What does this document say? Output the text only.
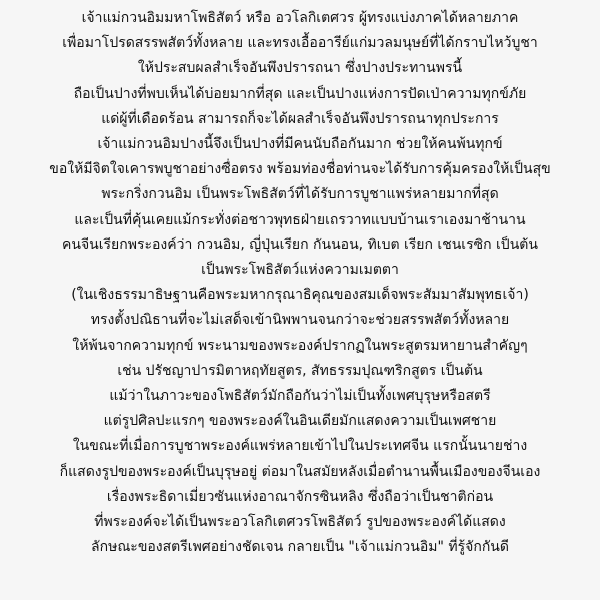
เจ้าแม่กวนอิมมหาโพธิสัตว์ หรือ อวโลกิเตศวร ผู้ทรงแบ่งภาคได้หลายภาค

เพื่อมาโปรดสรรพสัตว์ทั้งหลาย และทรงเอื้ออารีย์แก่มวลมนุษย์ที่ได้กราบไหว้บูชา

ให้ประสบผลสำเร็จอันพึงปรารถนา ซึ่งปางประทานพรนี้

ถือเป็นปางที่พบเห็นได้บ่อยมากที่สุด และเป็นปางแห่งการปัดเป่าความทุกข์ภัย

แด่ผู้ที่เดือดร้อน สามารถก็จะได้ผลสำเร็จอันพึงปรารถนาทุกประการ

เจ้าแม่กวนอิมปางนี้จึงเป็นปางที่มีคนนับถือกันมาก ช่วยให้คนพ้นทุกข์

ขอให้มีจิตใจเคารพบูชาอย่างซื่อตรง พร้อมท่องชื่อท่านจะได้รับการคุ้มครองให้เป็นสุข

พระกริ่งกวนอิม เป็นพระโพธิสัตว์ที่ได้รับการบูชาแพร่หลายมากที่สุด

และเป็นที่คุ้นเคยแม้กระทั่งต่อชาวพุทธฝ่ายเถรวาทแบบบ้านเราเองมาช้านาน

คนจีนเรียกพระองค์ว่า กวนอิม, ญี่ปุ่นเรียก กันนอน, ทิเบต เรียก เชนเรซิก เป็นต้น

เป็นพระโพธิสัตว์แห่งความเมตตา

(ในเชิงธรรมาธิษฐานคือพระมหากรุณาธิคุณของสมเด็จพระสัมมาสัมพุทธเจ้า)

ทรงตั้งปณิธานที่จะไม่เสด็จเข้านิพพานจนกว่าจะช่วยสรรพสัตว์ทั้งหลาย

ให้พ้นจากความทุกข์ พระนามของพระองค์ปรากฏในพระสูตรมหายานสำคัญๆ

เช่น ปรัชญาปารมิตาหฤทัยสูตร, สัทธรรมปุณฑริกสูตร เป็นต้น

แม้ว่าในภาวะของโพธิสัตว์มักถือกันว่าไม่เป็นทั้งเพศบุรุษหรือสตรี

แต่รูปศิลปะแรกๆ ของพระองค์ในอินเดียมักแสดงความเป็นเพศชาย

ในขณะที่เมื่อการบูชาพระองค์แพร่หลายเข้าไปในประเทศจีน แรกนั้นนายช่าง

ก็แสดงรูปของพระองค์เป็นบุรุษอยู่ ต่อมาในสมัยหลังเมื่อตำนานพื้นเมืองของจีนเอง

เรื่องพระธิดาเมี่ยวซันแห่งอาณาจักรซินหลิง ซึ่งถือว่าเป็นชาติก่อน

ที่พระองค์จะได้เป็นพระอวโลกิเตศวรโพธิสัตว์ รูปของพระองค์ได้แสดง

ลักษณะของสตรีเพศอย่างชัดเจน กลายเป็น "เจ้าแม่กวนอิม" ที่รู้จักกันดี
